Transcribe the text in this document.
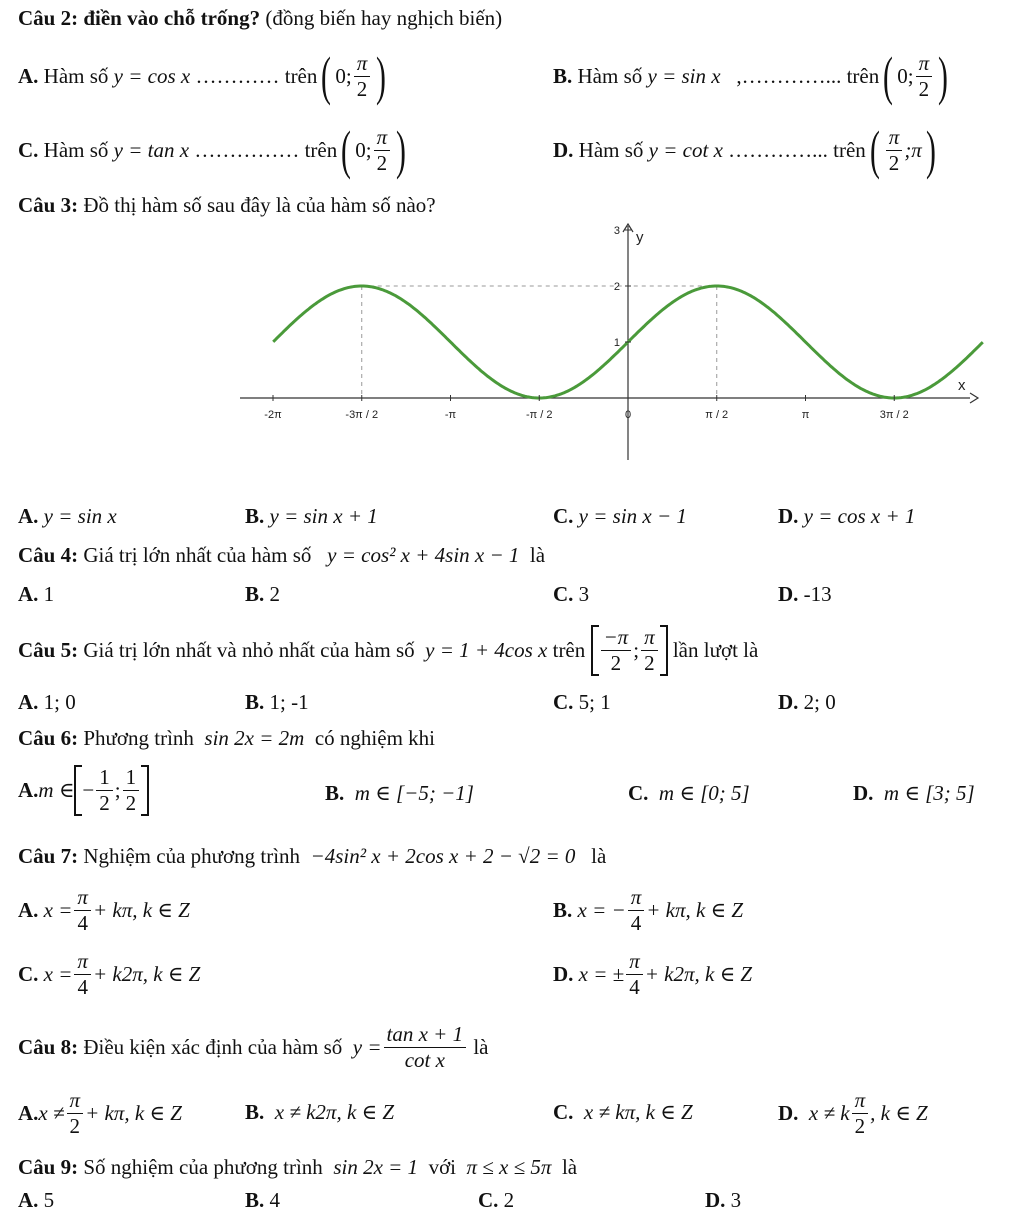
Câu 2: điền vào chỗ trống? (đồng biến hay nghịch biến)
A.
Hàm số
y = cos x
…………
trên ( 0; $\frac{\pi}{2}$ )	B.
Hàm số
y = sin x
,…………...
trên ( 0; $\frac{\pi}{2}$ )
C.
Hàm số
y = tan x
……………
trên ( 0; $\frac{\pi}{2}$ )	D.
Hàm số
y = cot x
…………...
trên ( $\frac{\pi}{2}$ ;π )
Câu 3: Đồ thị hàm số sau đây là của hàm số nào?
-2π	-3π / 2	-π	-π / 2	0	π / 2	π	3π / 2
1
2
3
x
y
A. y = sin x	B. y = sin x + 1	C. y = sin x − 1	D. y = cos x + 1
Câu 4: Giá trị lớn nhất của hàm số y = cos² x + 4sin x − 1 là
A. 1	B. 2	C. 3	D. -13
Câu 5:
Giá trị lớn nhất và nhỏ nhất của hàm số
y = 1 + 4cos x
trên
$\frac{-\pi}{2}$ ; $\frac{\pi}{2}$
lần lượt là
A. 1; 0	B. 1; -1	C. 5; 1	D. 2; 0
Câu 6: Phương trình sin 2x = 2m có nghiệm khi
A. m ∈ − $\frac{1}{2}$ ; $\frac{1}{2}$	B. m ∈ [−5; −1]	C. m ∈ [0; 5]	D. m ∈ [3; 5]
Câu 7: Nghiệm của phương trình −4sin² x + 2cos x + 2 − √2 = 0 là
A.
$x = \frac{\pi}{4} + k\pi$, k ∈ Z	B.
x = − $\frac{\pi}{4} + k\pi$, k ∈ Z
C.
$x = \frac{\pi}{4} + k2\pi$, k ∈ Z	D.
x = ± $\frac{\pi}{4} + k2\pi$, k ∈ Z
Câu 8:
Điều kiện xác định của hàm số
$y = \frac{\text{tan x + 1}}{\text{cot x}}$
là
A. $x \ne \frac{\pi}{2} + k\pi$, k ∈ Z	B. x ≠ k2π, k ∈ Z	C. x ≠ kπ, k ∈ Z	D.
x ≠ k $\frac{\pi}{2}$ , k ∈ Z
Câu 9: Số nghiệm của phương trình sin 2x = 1 với π ≤ x ≤ 5π là
A. 5	B. 4	C. 2	D. 3
